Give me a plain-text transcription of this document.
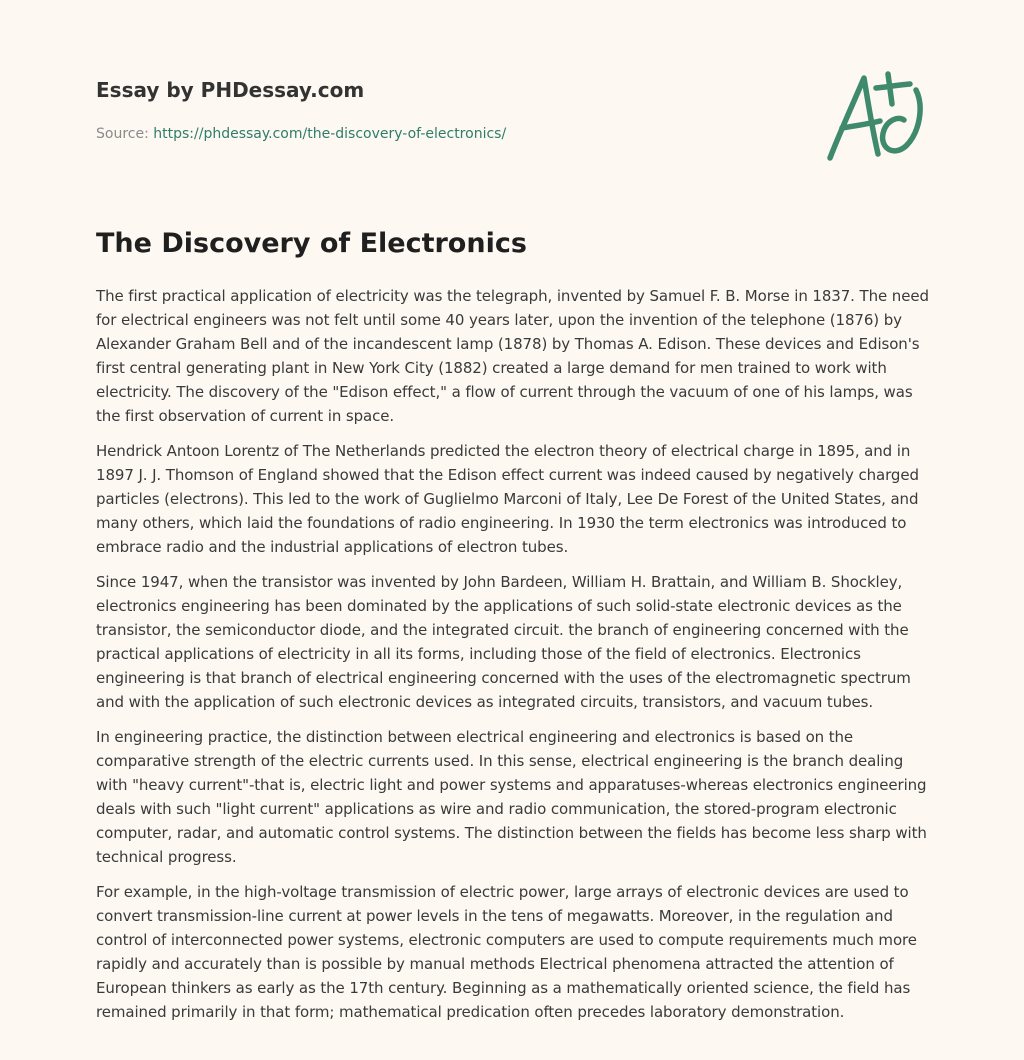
Essay by PHDessay.com
Source: https://phdessay.com/the-discovery-of-electronics/
The Discovery of Electronics

The first practical application of electricity was the telegraph, invented by Samuel F. B. Morse in 1837. The need for electrical engineers was not felt until some 40 years later, upon the invention of the telephone (1876) by Alexander Graham Bell and of the incandescent lamp (1878) by Thomas A. Edison. These devices and Edison's first central generating plant in New York City (1882) created a large demand for men trained to work with electricity. The discovery of the "Edison effect," a flow of current through the vacuum of one of his lamps, was the first observation of current in space.

Hendrick Antoon Lorentz of The Netherlands predicted the electron theory of electrical charge in 1895, and in 1897 J. J. Thomson of England showed that the Edison effect current was indeed caused by negatively charged particles (electrons). This led to the work of Guglielmo Marconi of Italy, Lee De Forest of the United States, and many others, which laid the foundations of radio engineering. In 1930 the term electronics was introduced to embrace radio and the industrial applications of electron tubes.

Since 1947, when the transistor was invented by John Bardeen, William H. Brattain, and William B. Shockley, electronics engineering has been dominated by the applications of such solid-state electronic devices as the transistor, the semiconductor diode, and the integrated circuit. the branch of engineering concerned with the practical applications of electricity in all its forms, including those of the field of electronics. Electronics engineering is that branch of electrical engineering concerned with the uses of the electromagnetic spectrum and with the application of such electronic devices as integrated circuits, transistors, and vacuum tubes.

In engineering practice, the distinction between electrical engineering and electronics is based on the comparative strength of the electric currents used. In this sense, electrical engineering is the branch dealing with "heavy current"-that is, electric light and power systems and apparatuses-whereas electronics engineering deals with such "light current" applications as wire and radio communication, the stored-program electronic computer, radar, and automatic control systems. The distinction between the fields has become less sharp with technical progress.

For example, in the high-voltage transmission of electric power, large arrays of electronic devices are used to convert transmission-line current at power levels in the tens of megawatts. Moreover, in the regulation and control of interconnected power systems, electronic computers are used to compute requirements much more rapidly and accurately than is possible by manual methods Electrical phenomena attracted the attention of European thinkers as early as the 17th century. Beginning as a mathematically oriented science, the field has remained primarily in that form; mathematical predication often precedes laboratory demonstration.
